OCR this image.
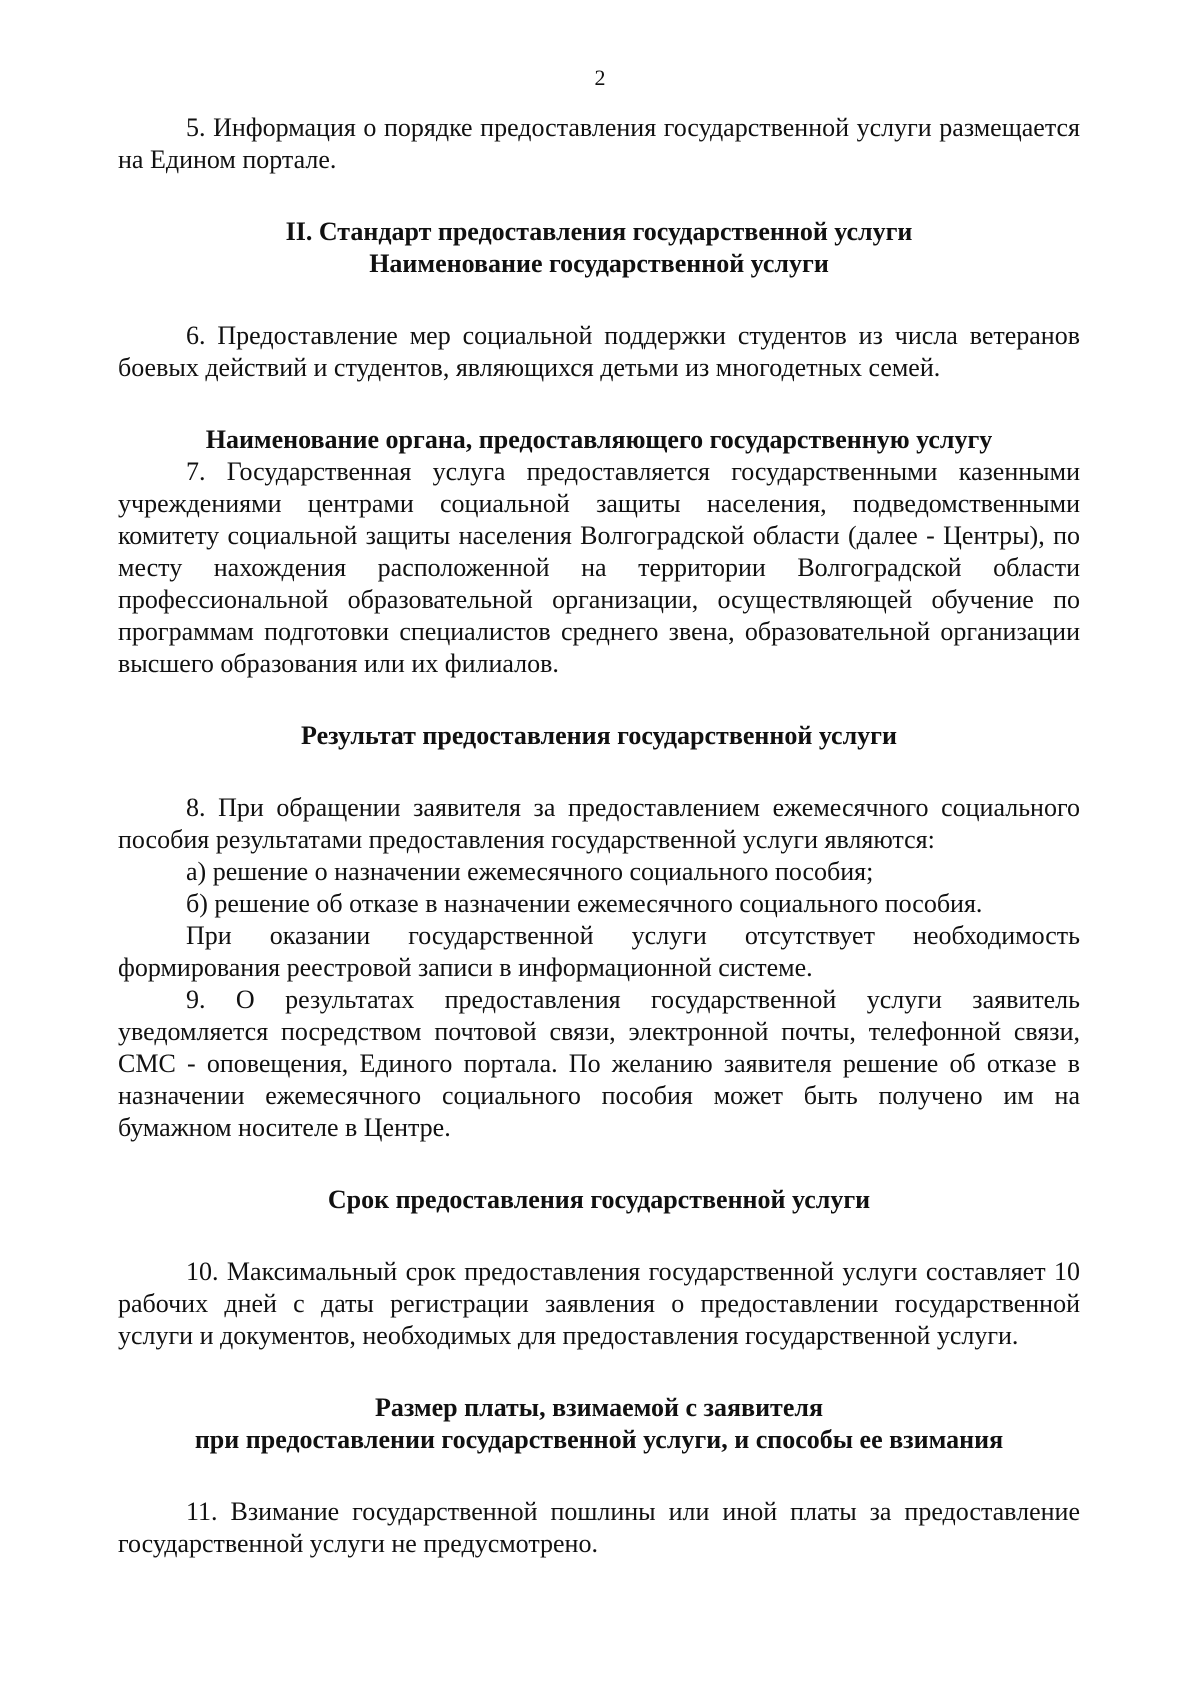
2

5. Информация о порядке предоставления государственной услуги размещается на Едином портале.

II. Стандарт предоставления государственной услуги
Наименование государственной услуги

6. Предоставление мер социальной поддержки студентов из числа ветеранов боевых действий и студентов, являющихся детьми из многодетных семей.

Наименование органа, предоставляющего государственную услугу

7. Государственная услуга предоставляется государственными казенными учреждениями центрами социальной защиты населения, подведомственными комитету социальной защиты населения Волгоградской области (далее - Центры), по месту нахождения расположенной на территории Волгоградской области профессиональной образовательной организации, осуществляющей обучение по программам подготовки специалистов среднего звена, образовательной организации высшего образования или их филиалов.

Результат предоставления государственной услуги

8. При обращении заявителя за предоставлением ежемесячного социального пособия результатами предоставления государственной услуги являются:

а) решение о назначении ежемесячного социального пособия;

б) решение об отказе в назначении ежемесячного социального пособия.

При оказании государственной услуги отсутствует необходимость формирования реестровой записи в информационной системе.

9. О результатах предоставления государственной услуги заявитель уведомляется посредством почтовой связи, электронной почты, телефонной связи, СМС - оповещения, Единого портала. По желанию заявителя решение об отказе в назначении ежемесячного социального пособия может быть получено им на бумажном носителе в Центре.

Срок предоставления государственной услуги

10. Максимальный срок предоставления государственной услуги составляет 10 рабочих дней с даты регистрации заявления о предоставлении государственной услуги и документов, необходимых для предоставления государственной услуги.

Размер платы, взимаемой с заявителя
при предоставлении государственной услуги, и способы ее взимания

11. Взимание государственной пошлины или иной платы за предоставление государственной услуги не предусмотрено.
